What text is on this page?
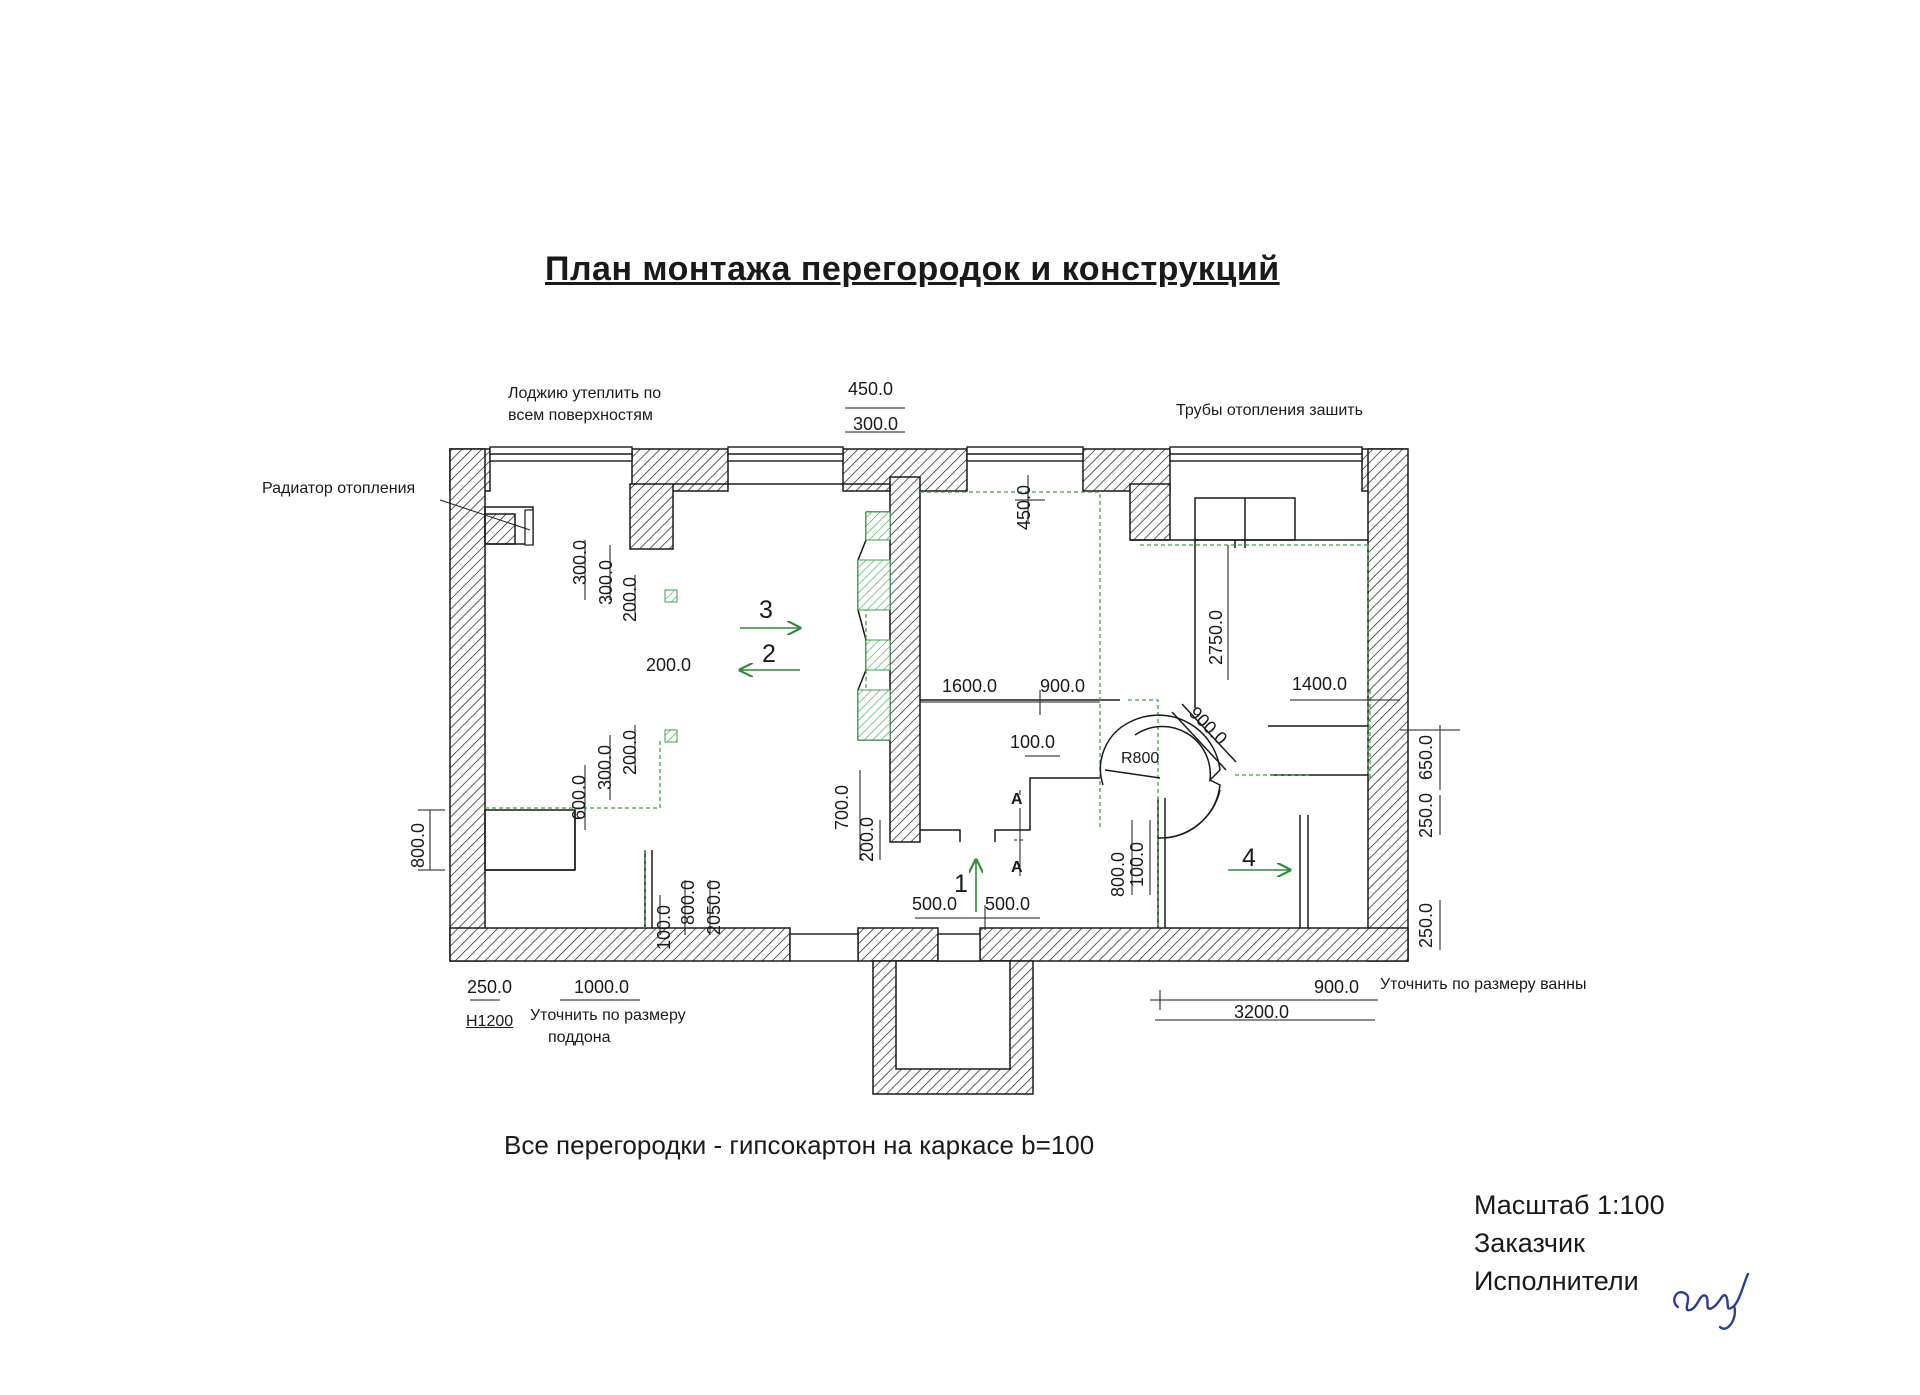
План монтажа перегородок и конструкций
450.0
300.0
450.0
300.0 300.0 200.0
200.0
300.0 200.0
600.0
800.0
700.0
200.0
100.0
800.0 2050.0
250.0	1000.0
1600.0 900.0
100.0
500.0 500.0
2750.0
900.0
R800
1400.0
650.0
250.0
250.0
800.0 100.0
900.0
3200.0
3
2
1
4
A
A
Лоджию утеплить по
всем поверхностям
Радиатор отопления
Трубы отопления зашить
Уточнить по размеру
поддона
Уточнить по размеру ванны
Н1200
Все перегородки - гипсокартон на каркасе b=100
Масштаб 1:100
Заказчик
Исполнители
